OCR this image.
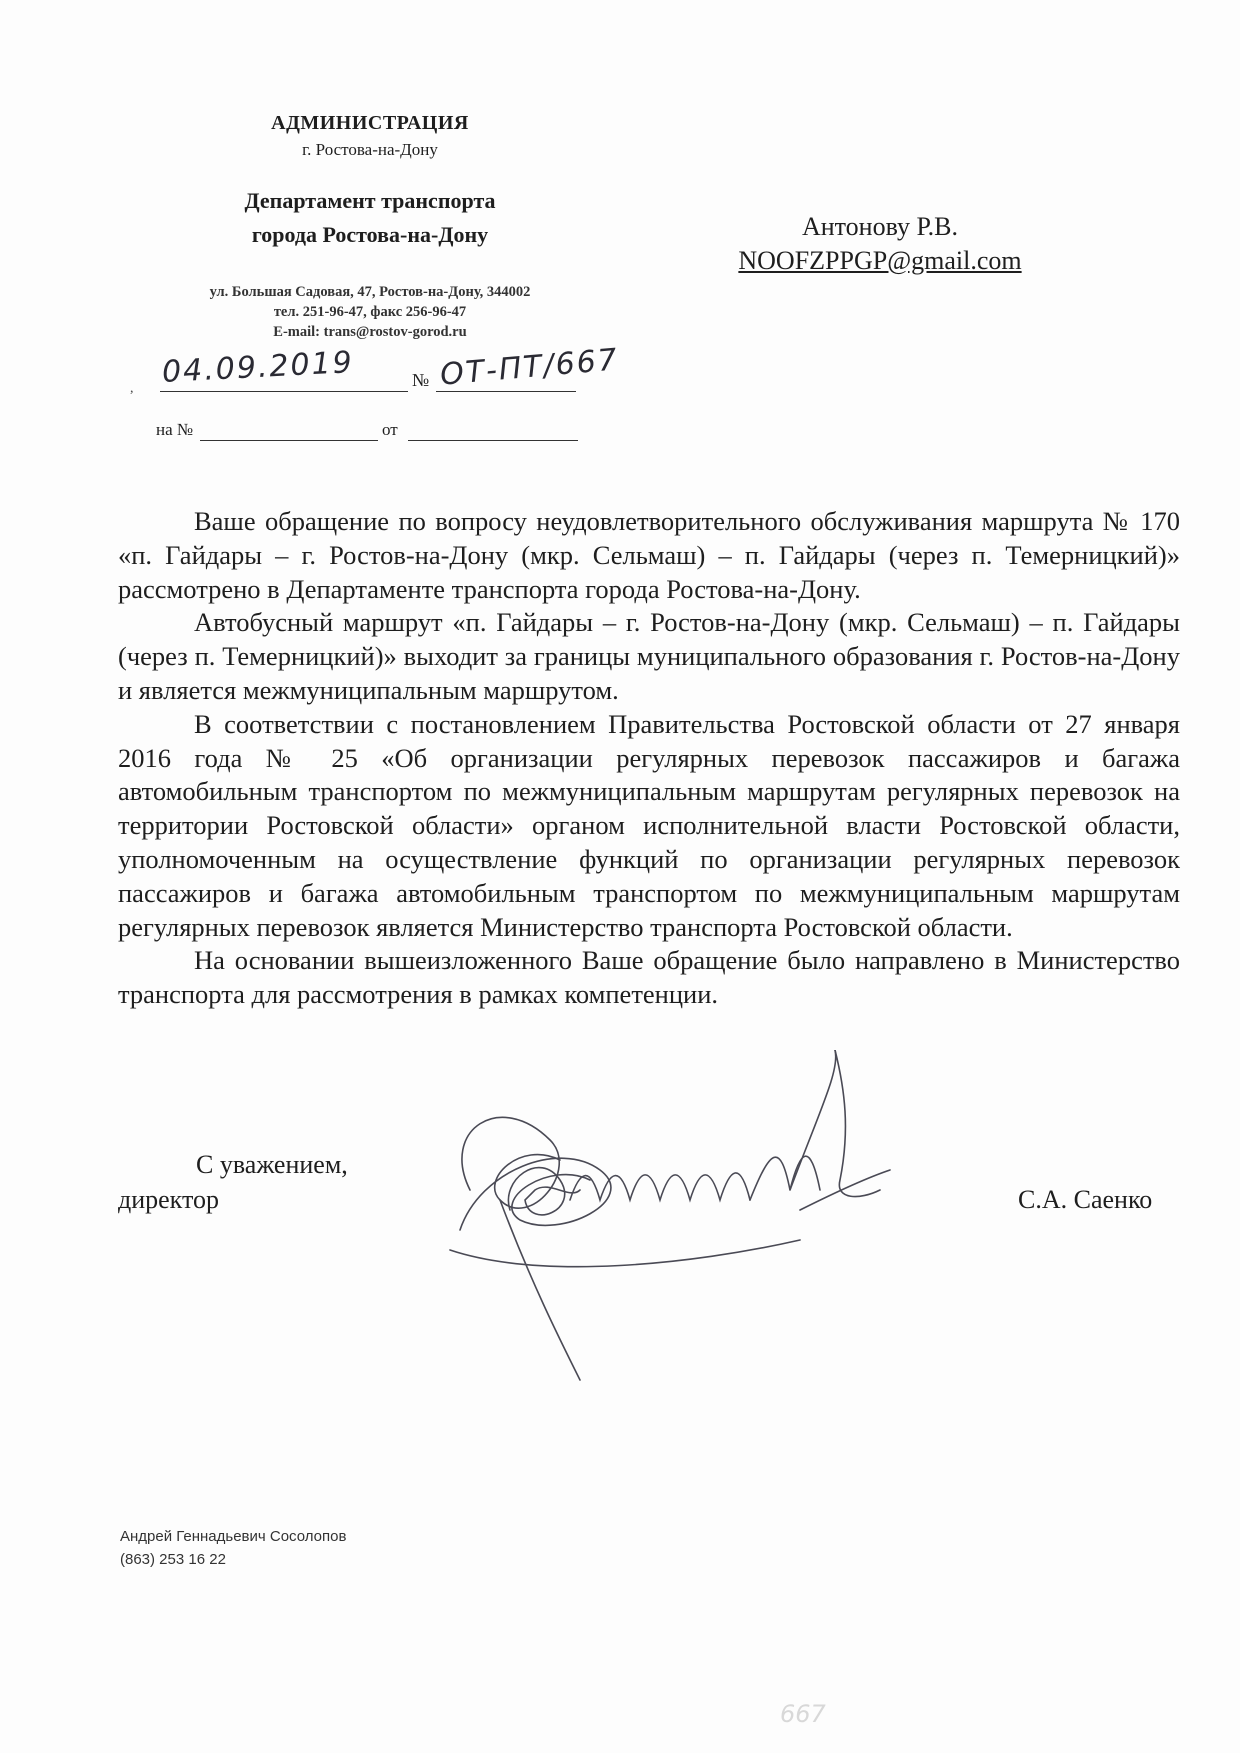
АДМИНИСТРАЦИЯ
г. Ростова-на-Дону
Департамент транспорта
города Ростова-на-Дону
ул. Большая Садовая, 47, Ростов-на-Дону, 344002
тел. 251-96-47, факс 256-96-47
E-mail: trans@rostov-gorod.ru
, 04.09.2019	№ ОТ-ПТ/667
на №	от
Антонову Р.В.
NOOFZPPGP@gmail.com

Ваше обращение по вопросу неудовлетворительного обслуживания маршрута № 170 «п. Гайдары – г. Ростов-на-Дону (мкр. Сельмаш) – п. Гайдары (через п. Темерницкий)» рассмотрено в Департаменте транспорта города Ростова-на-Дону.

Автобусный маршрут «п. Гайдары – г. Ростов-на-Дону (мкр. Сельмаш) – п. Гайдары (через п. Темерницкий)» выходит за границы муниципального образования г. Ростов-на-Дону и является межмуниципальным маршрутом.

В соответствии с постановлением Правительства Ростовской области от 27 января 2016 года № 25 «Об организации регулярных перевозок пассажиров и багажа автомобильным транспортом по межмуниципальным маршрутам регулярных перевозок на территории Ростовской области» органом исполнительной власти Ростовской области, уполномоченным на осуществление функций по организации регулярных перевозок пассажиров и багажа автомобильным транспортом по межмуниципальным маршрутам регулярных перевозок является Министерство транспорта Ростовской области.

На основании вышеизложенного Ваше обращение было направлено в Министерство транспорта для рассмотрения в рамках компетенции.

С уважением,
директор	С.А. Саенко
Андрей Геннадьевич Сосолопов
(863) 253 16 22
667
